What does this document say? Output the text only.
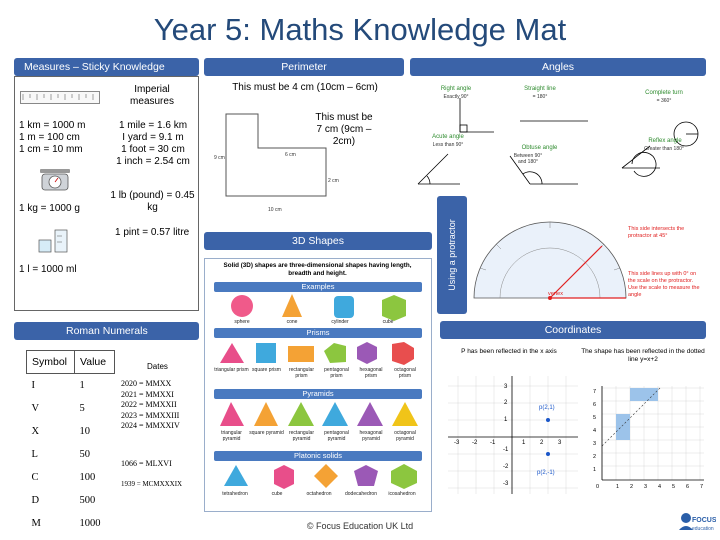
Year 5: Maths Knowledge Mat
Measures – Sticky Knowledge
Imperial measures
1 km = 1000 m
1 m = 100 cm
1 cm = 10 mm
1 mile = 1.6 km
I yard = 9.1 m
1 foot = 30 cm
1 inch = 2.54 cm
1 kg = 1000 g
1 lb (pound) = 0.45 kg
1 pint = 0.57 litre
1 l = 1000 ml
Perimeter
This must be 4 cm (10cm – 6cm)
9 cm	6 cm
2 cm
10 cm
This must be 7 cm (9cm – 2cm)
3D Shapes
Solid (3D) shapes are three-dimensional shapes having length, breadth and height.
Examples
sphere	cone	cylinder	cube
Prisms
triangular prism square prism	rectangular prism
pentagonal prism
hexagonal prism
octagonal prism
Pyramids
triangular pyramid
square pyramid	rectangular pyramid
pentagonal pyramid
hexagonal pyramid
octagonal pyramid
Platonic solids
tetrahedron	cube	octahedron	dodecahedron	icosahedron
Angles
Right angle
Exactly 90°
Straight line
= 180°
Complete turn
= 360°
Acute angle
Less than 90°	Obtuse angle
Between 90° and 180°
Reflex angle
Greater than 180°
Using a protractor	This side intersects the protractor at 45°
This side lines up with 0° on the scale on the protractor. Use the scale to measure the angle
vertex
Roman Numerals
Symbol	Value
I	1
V	5
X	10
L	50
C	100
D	500
M	1000
Dates
2020 = MMXX
2021 = MMXXI
2022 = MMXXII
2023 = MMXXIII
2024 = MMXXIV
1066 = MLXVI
1939 = MCMXXXIX
Coordinates
P has been reflected in the x axis	The shape has been reflected in the dotted line y=x+2
p(2,1)
p(2,-1)
3
2
1
-1
-2
-3
-3 -2 -1	1 2 3
7
6
5
4
3
2
1
0	1 2 3 4 5 6 7
© Focus Education UK Ltd
FOCUS
education
